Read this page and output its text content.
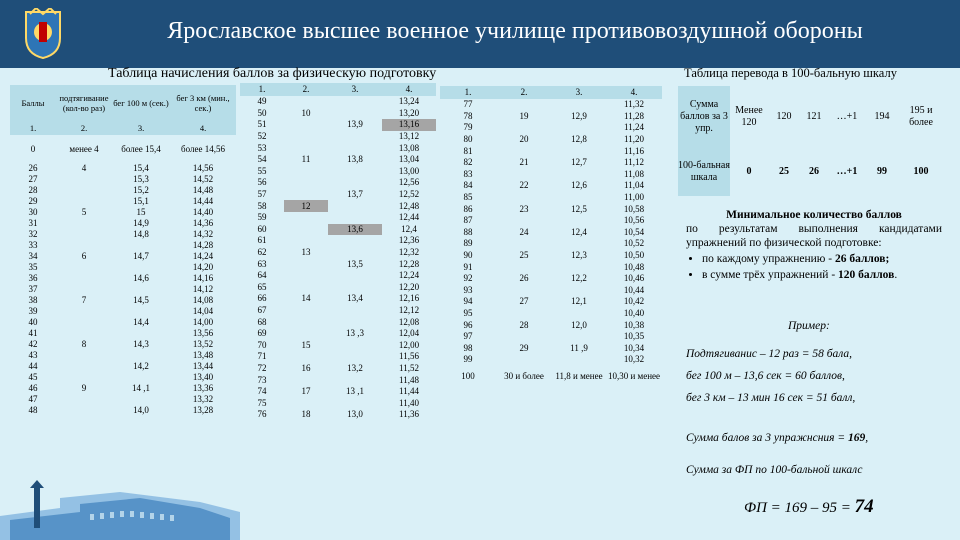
Ярославское высшее военное училище противовоздушной обороны
Таблица начисления баллов за физическую подготовку	Таблица перевода в 100-бальную шкалу
Баллы	подтягивание (кол-во раз)	бег 100 м (сек.)	бег 3 км (мин., сек.)
1.	2.	3.	4.
0	менее 4	более 15,4	более 14,56
26	4	15,4	14,56
27		15,3	14,52
28		15,2	14,48
29		15,1	14,44
30	5	15	14,40
31		14,9	14,36
32		14,8	14,32
33			14,28
34	6	14,7	14,24
35			14,20
36		14,6	14,16
37			14,12
38	7	14,5	14,08
39			14,04
40		14,4	14,00
41			13,56
42	8	14,3	13,52
43			13,48
44		14,2	13,44
45			13,40
46	9	14 ,1	13,36
47			13,32
48		14,0	13,28
1.	2.	3.	4.
49			13,24
50	10		13,20
51		13,9	13,16
52			13,12
53			13,08
54	11	13,8	13,04
55			13,00
56			12,56
57		13,7	12,52
58	12		12,48
59			12,44
60		13,6	12,4
61			12,36
62	13		12,32
63		13,5	12,28
64			12,24
65			12,20
66	14	13,4	12,16
67			12,12
68			12,08
69		13 ,3	12,04
70	15		12,00
71			11,56
72	16	13,2	11,52
73			11,48
74	17	13 ,1	11,44
75			11,40
76	18	13,0	11,36
1.	2.	3.	4.
77			11,32
78	19	12,9	11,28
79			11,24
80	20	12,8	11,20
81			11,16
82	21	12,7	11,12
83			11,08
84	22	12,6	11,04
85			11,00
86	23	12,5	10,58
87			10,56
88	24	12,4	10,54
89			10,52
90	25	12,3	10,50
91			10,48
92	26	12,2	10,46
93			10,44
94	27	12,1	10,42
95			10,40
96	28	12,0	10,38
97			10,35
98	29	11 ,9	10,34
99			10,32
100	30 и более	11,8 и менее	10,30 и менее
Сумма баллов за 3 упр.	Менее 120	120	121	…+1	194	195 и более
100-бальная шкала	0	25	26	…+1	99	100
Минимальное количество баллов
по результатам выполнения кандидатами упражнений по физической подготовке:
• по каждому упражнению - 26 баллов;
• в сумме трёх упражнений - 120 баллов.
Пример:
Подтягиванис – 12 раз = 58 бала,
бег 100 м – 13,6 сек = 60 баллов,
бег 3 км – 13 мин 16 сек = 51 балл,
Сумма балов за 3 упражнсния = 169,
Сумма за ФП по 100-бальной шкалс
ФП = 169 – 95 = 74
